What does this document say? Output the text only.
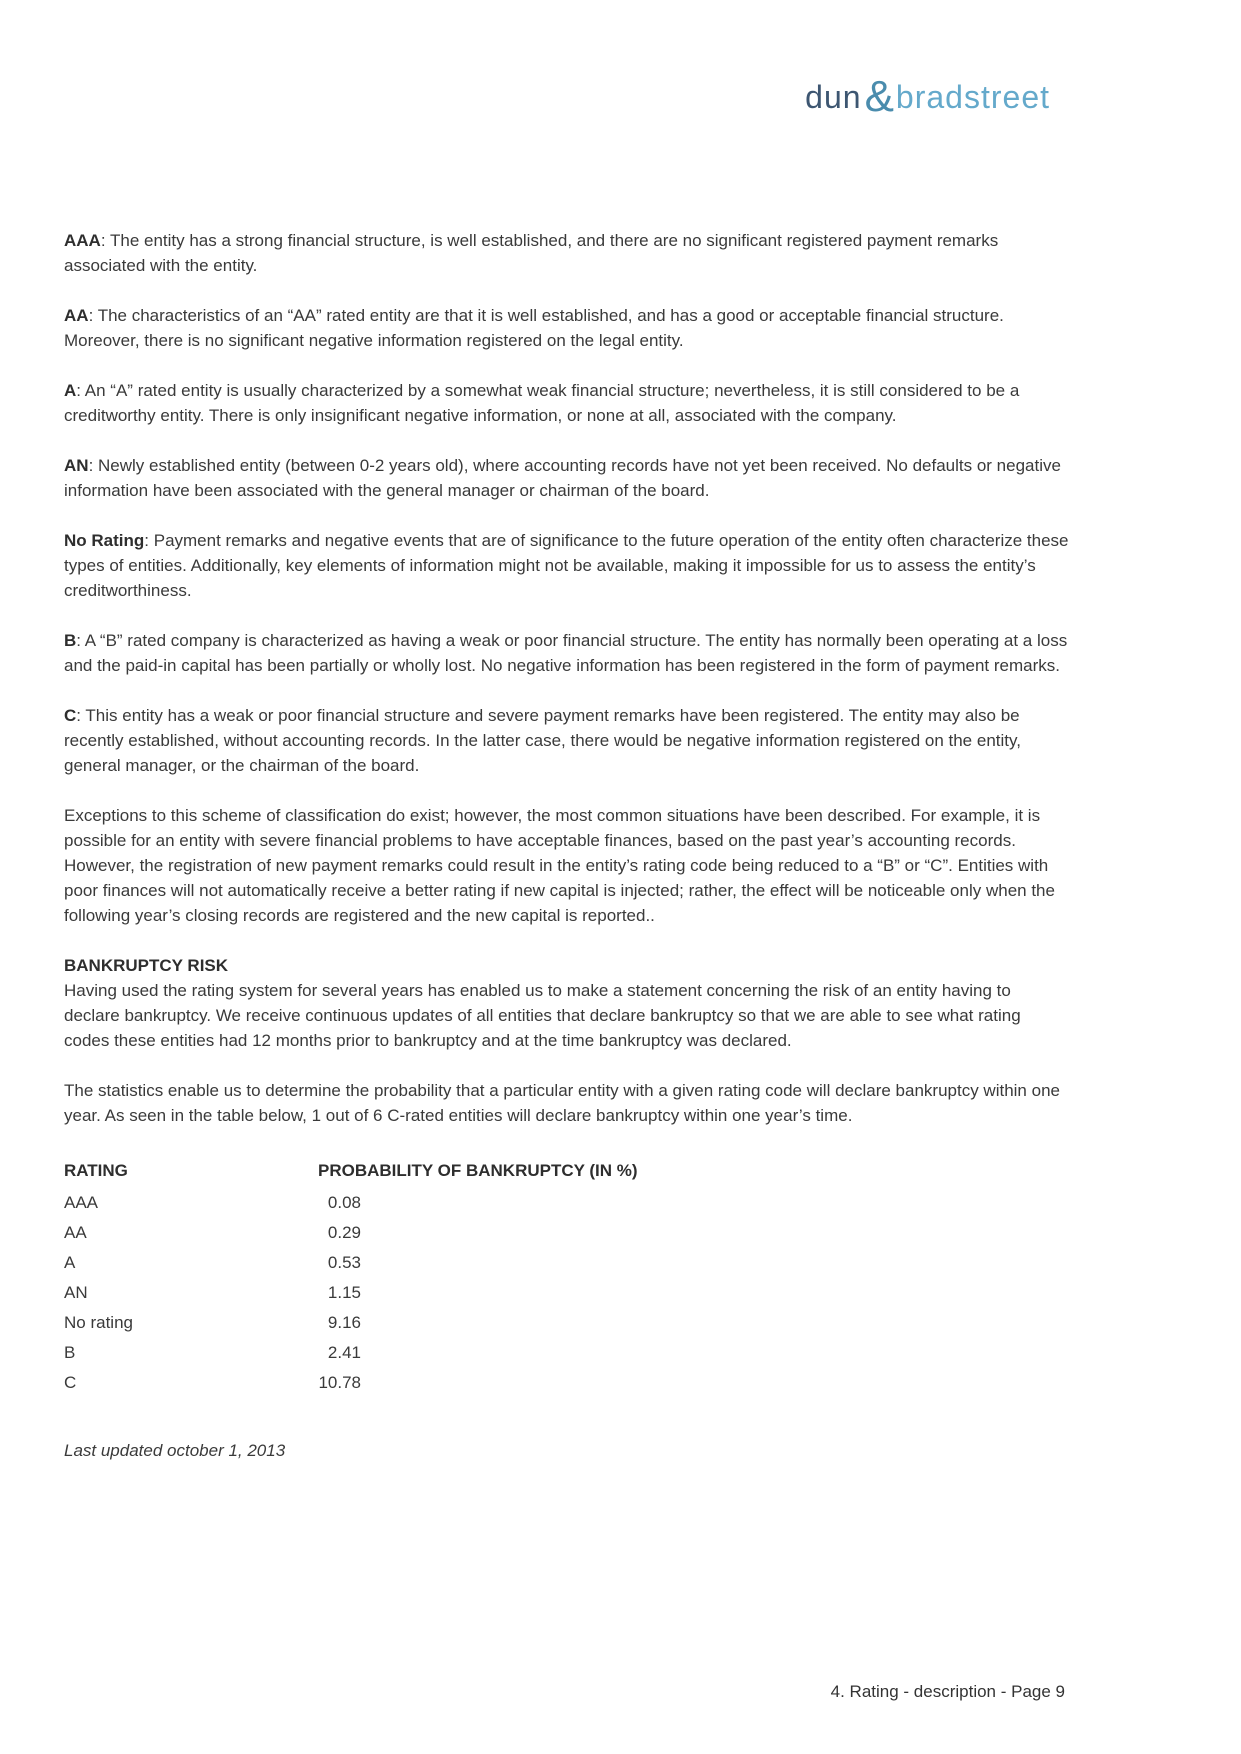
dun & bradstreet

AAA: The entity has a strong financial structure, is well established, and there are no significant registered payment remarks associated with the entity.

AA: The characteristics of an “AA” rated entity are that it is well established, and has a good or acceptable financial structure. Moreover, there is no significant negative information registered on the legal entity.

A: An “A” rated entity is usually characterized by a somewhat weak financial structure; nevertheless, it is still considered to be a creditworthy entity. There is only insignificant negative information, or none at all, associated with the company.

AN: Newly established entity (between 0-2 years old), where accounting records have not yet been received. No defaults or negative information have been associated with the general manager or chairman of the board.

No Rating: Payment remarks and negative events that are of significance to the future operation of the entity often characterize these types of entities. Additionally, key elements of information might not be available, making it impossible for us to assess the entity’s creditworthiness.

B: A “B” rated company is characterized as having a weak or poor financial structure. The entity has normally been operating at a loss and the paid-in capital has been partially or wholly lost. No negative information has been registered in the form of payment remarks.

C: This entity has a weak or poor financial structure and severe payment remarks have been registered. The entity may also be recently established, without accounting records. In the latter case, there would be negative information registered on the entity, general manager, or the chairman of the board.

Exceptions to this scheme of classification do exist; however, the most common situations have been described. For example, it is possible for an entity with severe financial problems to have acceptable finances, based on the past year’s accounting records. However, the registration of new payment remarks could result in the entity’s rating code being reduced to a “B” or “C”. Entities with poor finances will not automatically receive a better rating if new capital is injected; rather, the effect will be noticeable only when the following year’s closing records are registered and the new capital is reported..

BANKRUPTCY RISK

Having used the rating system for several years has enabled us to make a statement concerning the risk of an entity having to declare bankruptcy. We receive continuous updates of all entities that declare bankruptcy so that we are able to see what rating codes these entities had 12 months prior to bankruptcy and at the time bankruptcy was declared.

The statistics enable us to determine the probability that a particular entity with a given rating code will declare bankruptcy within one year. As seen in the table below, 1 out of 6 C-rated entities will declare bankruptcy within one year’s time.

RATING	PROBABILITY OF BANKRUPTCY (IN %)
AAA	0.08
AA	0.29
A	0.53
AN	1.15
No rating	9.16
B	2.41
C	10.78

Last updated october 1, 2013

4. Rating - description - Page 9
